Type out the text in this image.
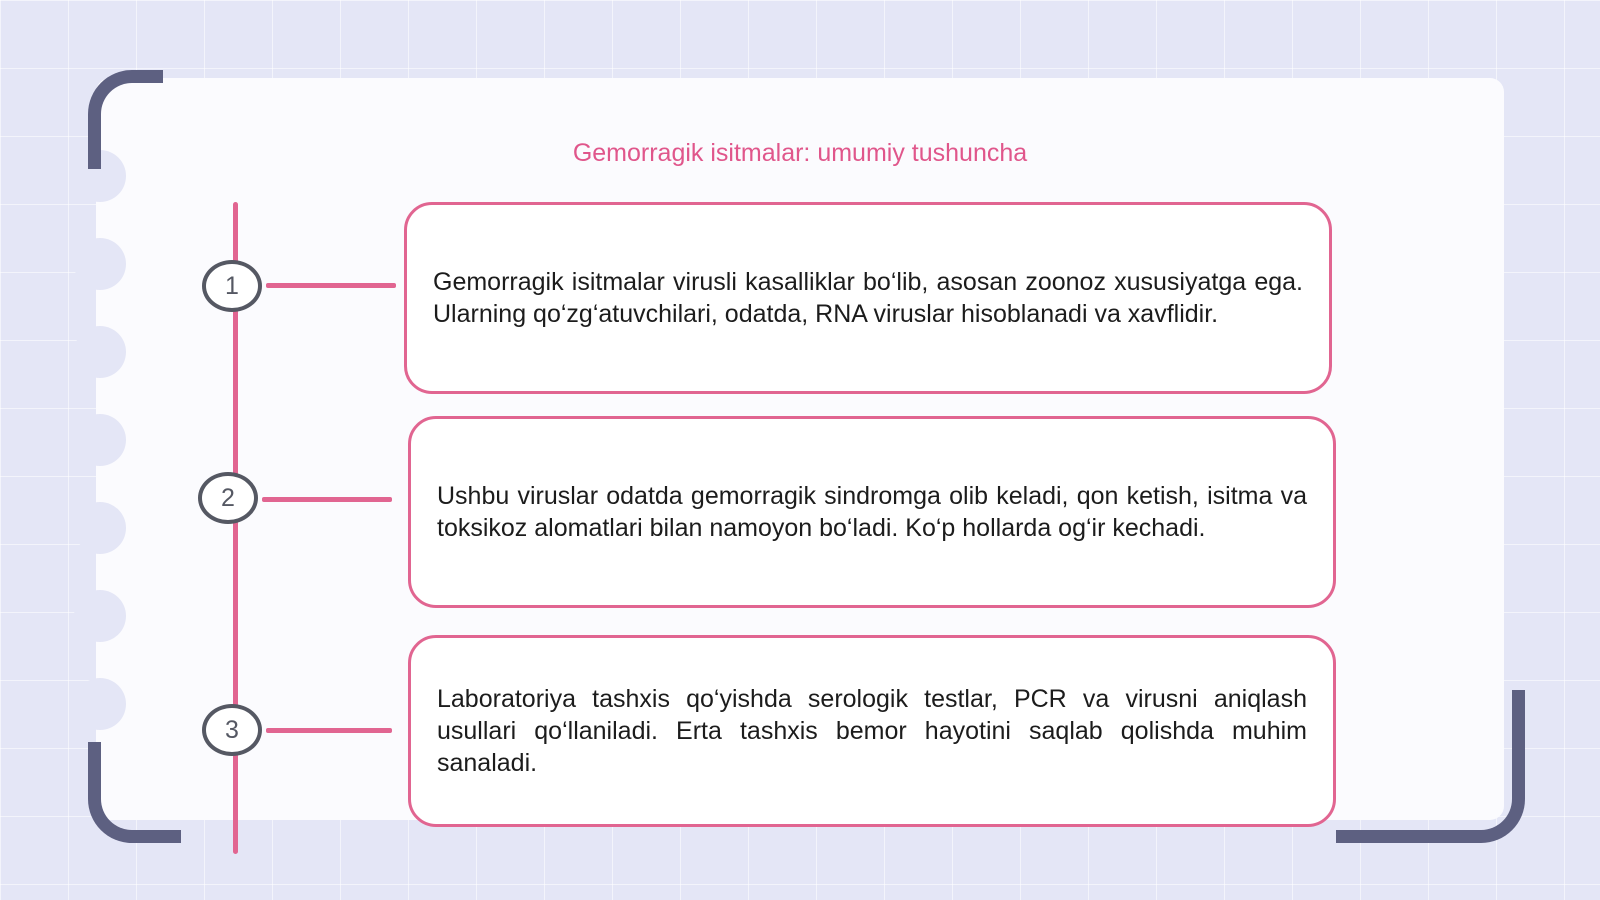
Gemorragik isitmalar: umumiy tushuncha
1	Gemorragik isitmalar virusli kasalliklar bo‘lib, asosan zoonoz xususiyatga ega. Ularning qo‘zg‘atuvchilari, odatda, RNA viruslar hisoblanadi va xavflidir.

2	Ushbu viruslar odatda gemorragik sindromga olib keladi, qon ketish, isitma va toksikoz alomatlari bilan namoyon bo‘ladi. Ko‘p hollarda og‘ir kechadi.

3

Laboratoriya tashxis qo‘yishda serologik testlar, PCR va virusni aniqlash usullari qo‘llaniladi. Erta tashxis bemor hayotini saqlab qolishda muhim sanaladi.
